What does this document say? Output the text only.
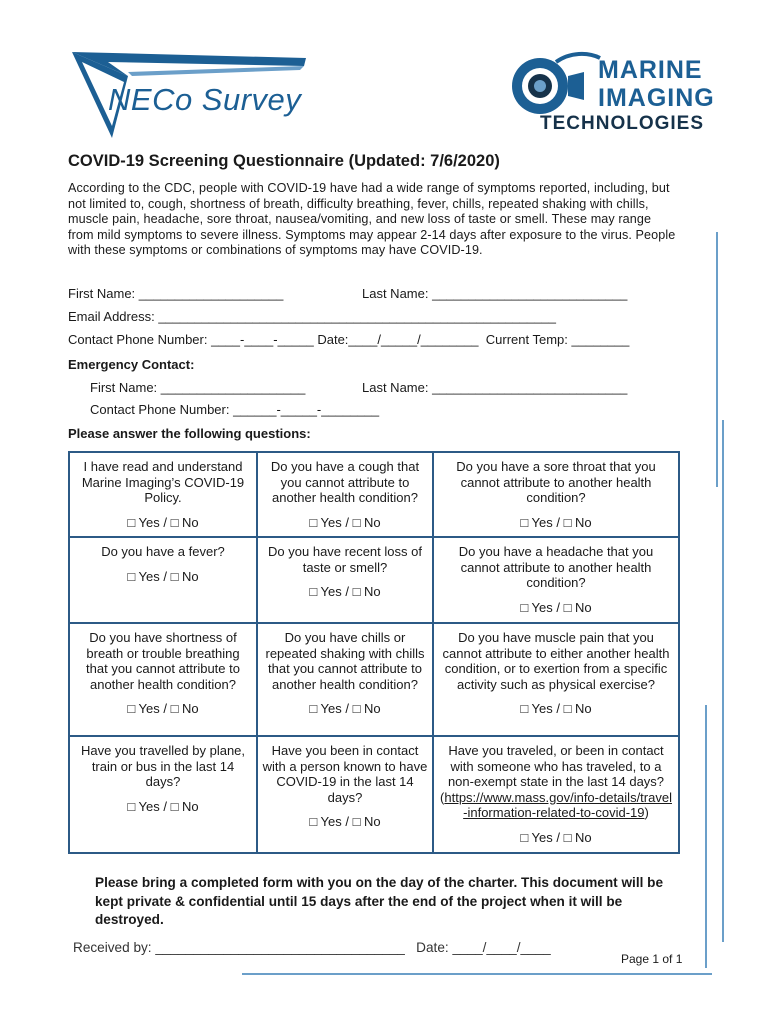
NECo Survey
MARINE
IMAGING
TECHNOLOGIES
COVID-19 Screening Questionnaire (Updated: 7/6/2020)
According to the CDC, people with COVID-19 have had a wide range of symptoms reported, including, but not limited to, cough, shortness of breath, difficulty breathing, fever, chills, repeated shaking with chills, muscle pain, headache, sore throat, nausea/vomiting, and new loss of taste or smell. These may range from mild symptoms to severe illness. Symptoms may appear 2-14 days after exposure to the virus. People with these symptoms or combinations of symptoms may have COVID-19.
First Name: ____________________	Last Name: ___________________________
Email Address: _______________________________________________________
Contact Phone Number: ____-____-_____ Date:____/_____/________  Current Temp: ________
Emergency Contact:
First Name: ____________________	Last Name: ___________________________
Contact Phone Number: ______-_____-________
Please answer the following questions:
I have read and understand Marine Imaging’s COVID-19 Policy.
□ Yes / □ No
Do you have a cough that you cannot attribute to another health condition?
□ Yes / □ No
Do you have a sore throat that you cannot attribute to another health condition?
□ Yes / □ No
Do you have a fever?
□ Yes / □ No
Do you have recent loss of taste or smell?
□ Yes / □ No
Do you have a headache that you cannot attribute to another health condition?
□ Yes / □ No
Do you have shortness of breath or trouble breathing that you cannot attribute to another health condition?
□ Yes / □ No
Do you have chills or repeated shaking with chills that you cannot attribute to another health condition?
□ Yes / □ No
Do you have muscle pain that you cannot attribute to either another health condition, or to exertion from a specific activity such as physical exercise?
□ Yes / □ No
Have you travelled by plane, train or bus in the last 14 days?
□ Yes / □ No
Have you been in contact with a person known to have COVID-19 in the last 14 days?
□ Yes / □ No
Have you traveled, or been in contact with someone who has traveled, to a non-exempt state in the last 14 days?
(https://www.mass.gov/info-details/travel-information-related-to-covid-19)
□ Yes / □ No
Please bring a completed form with you on the day of the charter. This document will be kept private & confidential until 15 days after the end of the project when it will be destroyed.
Received by: _________________________________   Date: ____/____/____
Page 1 of 1
